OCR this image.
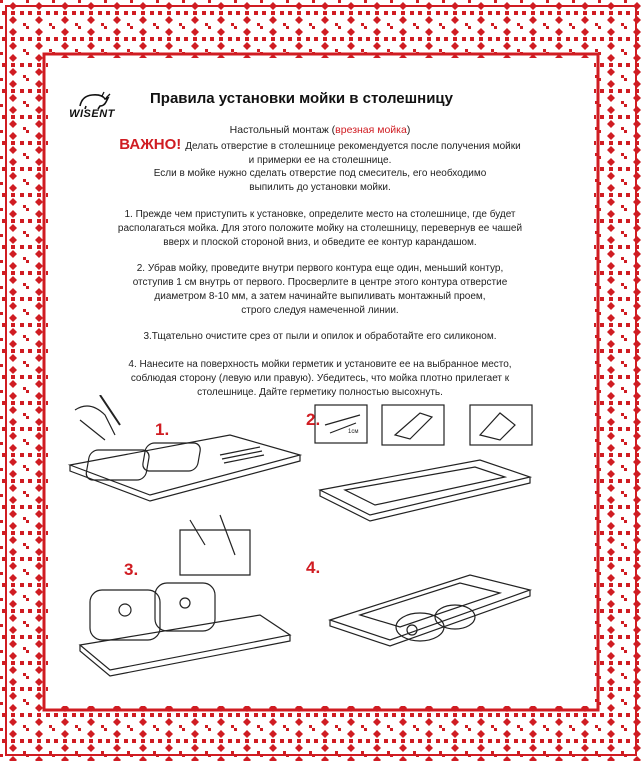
WISENT
Правила установки мойки в столешницу
Настольный монтаж (врезная мойка)
ВАЖНО! Делать отверстие в столешнице рекомендуется после получения мойки
и примерки ее на столешнице.
Если в мойке нужно сделать отверстие под смеситель, его необходимо
выпилить до установки мойки.
1. Прежде чем приступить к установке, определите место на столешнице, где будет
располагаться мойка. Для этого положите мойку на столешницу, перевернув ее чашей
вверх и плоской стороной вниз, и обведите ее контур карандашом.
2. Убрав мойку, проведите внутри первого контура еще один, меньший контур,
отступив 1 см внутрь от первого. Просверлите в центре этого контура отверстие
диаметром 8-10 мм, а затем начинайте выпиливать монтажный проем,
строго следуя намеченной линии.
3.Тщательно очистите срез от пыли и опилок и обработайте его силиконом.
4. Нанесите на поверхность мойки герметик и установите ее на выбранное место,
соблюдая сторону (левую или правую). Убедитесь, что мойка плотно прилегает к
столешнице. Дайте герметику полностью высохнуть.
1.
2.
3.	4.
1см
